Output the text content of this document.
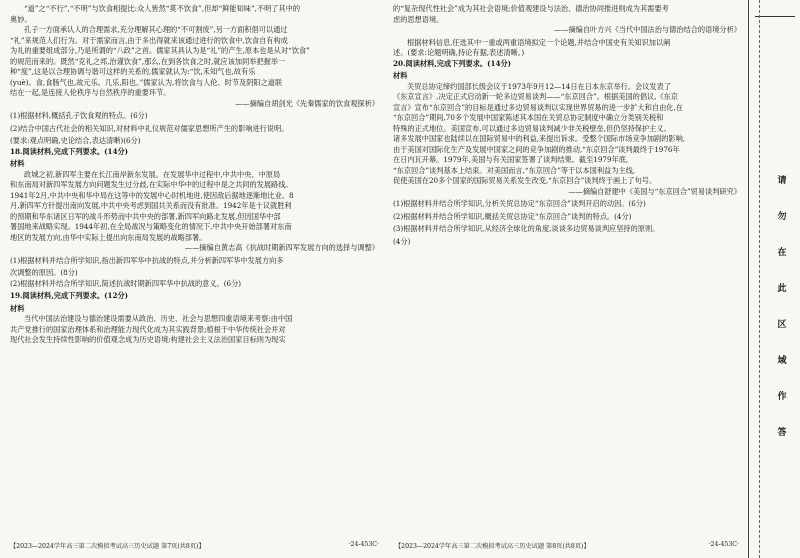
“道”之“不行”,“不明”与饮食相提比:众人皆然“莫不饮食”,但却“鲜能知味”,不明了其中的

奥妙。

孔子一方面承认人的合理需求,充分理解其心理的“不可割废”,另一方面积倡可以通过

“礼”来规范人们行为。对于需家而言,由于多出得就来该通过进行的饮食中,饮食自有构成

为礼的重要组成部分,乃是所谓的“八政”之首。儒家其具认为是“礼”的产生,原本也是从对“饮食”

的规范而来的。既然“克礼之邦,治谨饮食”,那么,在到各饮食之时,就应该加同举把握举一

种“度”,这是以合理协调与谐可这样的关系的,儒家就认为:“饮,禾知气也,故有乐

(yuè)。食,食肠气也,故元乐。几乐,阳也。”儒家认为,将饮食与人伦、时节及阴阳之道联

结在一起,是连接人伦秩序与自然秩序的重要环节。

——摘编自胡剑光《先秦儒家的饮食观探析》

(1)根据材料,概括孔子饮食观的特点。(6分)

(2)结合中国古代社会的相关知识,对材料中礼仪规范对儒家思想所产生的影响进行说明。

(要求:观点明确,史论结合,表达清晰)(6分)

18.阅读材料,完成下列要求。(14分)

材料

政城之初,新四军主要在长江南岸新东发展。在发展华中过程中,中共中央、中原局

和东南局对新四军发展方向问题发生过分歧,在实际中华中的过程中是之共同的发展路线。

1941年2月,中共中央和华中局在这等中的发展中心时机地进,使因敌后据地逐渐地比业。8

月,新四军方针提出南向发展,中共中央考虑到国共关系而没有批准。1942年是十议就胜利

的预期和华东诸区日军的战斗形势而中共中央的部署,新四军向路北发展,但因国华中部

署国地来战略实现。1944年初,在全局战况与策略变化的情况下,中共中央开始部署对东南

地区的发展方向,由华中实际上提出向东南局发展的战略部署。

——摘编自黄志高《抗战时期新四军发展方向的选择与调整》

(1)根据材料并结合所学知识,指出新四军华中抗战的特点,并分析新四军华中发展方向多

次调整的原因。(8分)

(2)根据材料并结合所学知识,简述抗战时期新四军华中抗战的意义。(6分)

19.阅读材料,完成下列要求。(12分)

材料

当代中国法治建设与德治建设需要从政治、历史、社会与思想四重语境来考察:由中国

共产党推行的国家治理体系和治理能力现代化成为其实践背景;植根于中华传统社会并对

现代社会发生持续性影响的价值观念成为历史语境;构建社会主义法治国家目标则为现实

【2023—2024学年高三第二次模拟考试高三历史试题 第7页(共8页)】	·24-453C·

的“复杂现代性社会”成为其社会语境;价值观建设与法治、德治协同推进则成为其需要考

虑的思想语境。

——摘编自叶方兴《当代中国法治与德治结合的语境分析》

根据材料信息,任选其中一重或两重语境拟定一个论题,并结合中国史有关知识加以阐

述。(要求:论题明确,持论有据,表述清晰。)

20.阅读材料,完成下列要求。(14分)

材料

关贸总协定缔约国部长级会议于1973年9月12—14日在日本东京举行。会议发表了

《东京宣言》,决定正式启动新一轮多边贸易谈判——“东京回合”。根据美国的倡议,《东京

宣言》宣布“东京回合”的目标是通过多边贸易谈判以实现世界贸易的进一步扩大和自由化,在

“东京回合”期间,70多个发展中国家陈述其本国在关贸总协定制度中确立分类别关税和

特殊的正式地位。美国宣布,可以通过多边贸易谈判减少非关税壁垒,但仍坚持保护主义。

诸多发展中国家也陆续以在国际贸易中的利益,来提出诉求。受整个国际市场竞争加剧的影响,

由于美国对国际化生产及发展中国家之间的竞争加剧的推动,“东京回合”谈判最终于1976年

在日内瓦开幕。1979年,美国与有关国家签署了谈判结果。截至1979年底,

“东京回合”谈判基本上结束。对美国而言,“东京回合”等于以本国利益为主线,

促使美国在20多个国家的国际贸易关系发生改变,“东京回合”谈判终于画上了句号。

——摘编自舒建中《美国与“东京回合”贸易谈判研究》

(1)根据材料并结合所学知识,分析关贸总协定“东京回合”谈判开启的动因。(6分)

(2)根据材料并结合所学知识,概括关贸总协定“东京回合”谈判的特点。(4分)

(3)根据材料并结合所学知识,从经济全球化的角度,谈谈多边贸易谈判应坚持的原则。

(4分)

【2023—2024学年高三第二次模拟考试高三历史试题 第8页(共8页)】	·24-453C·
请
勿
在
此
区
域
作
答
